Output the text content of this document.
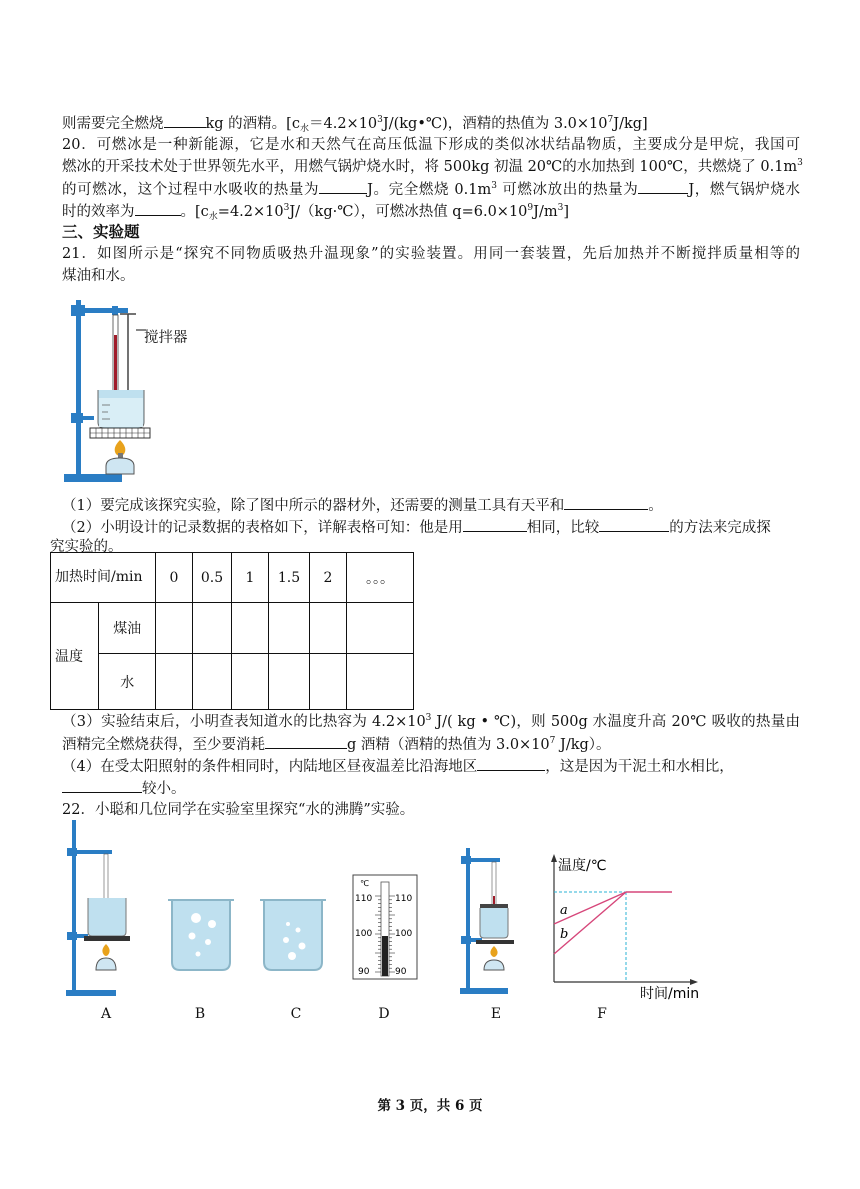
则需要完全燃烧	kg 的酒精。[$c_水=4.2\times 10^3J/(kg•℃)$，酒精的热值为 $3.0\times 10^7J/kg$]
20．可燃冰是一种新能源，它是水和天然气在高压低温下形成的类似冰状结晶物质，主要成分是甲烷，我国可
燃冰的开采技术处于世界领先水平，用燃气锅炉烧水时，将 500kg 初温 20℃的水加热到 100℃，共燃烧了 $0.1m^3$
的可燃冰，这个过程中水吸收的热量为	J。完全燃烧 $0.1m^3$ 可燃冰放出的热量为	J，燃气锅炉烧水
时的效率为	。[$c_水=4.2\times 10^3J/(kg\cdot℃)$，可燃冰热值 $q=6.0\times 10^9J/m^3$]
三、实验题
21．如图所示是“探究不同物质吸热升温现象”的实验装置。用同一套装置，先后加热并不断搅拌质量相等的
煤油和水。
搅拌器
（1）要完成该探究实验，除了图中所示的器材外，还需要的测量工具有天平和	。
（2）小明设计的记录数据的表格如下，详解表格可知：他是用	相同，比较	的方法来完成探
究实验的。
加热时间/min		0	0.5	1	1.5	2	。。。
温度	煤油						
	水						
（3）实验结束后，小明查表知道水的比热容为 $4.2\times 10^3$ J/( kg • ℃)，则 500g 水温度升高 20℃ 吸收的热量由
酒精完全燃烧获得，至少要消耗	g 酒精（酒精的热值为 $3.0\times 10^7$ J/kg）。
（4）在受太阳照射的条件相同时，内陆地区昼夜温差比沿海地区	，这是因为干泥土和水相比，
较小。
22．小聪和几位同学在实验室里探究“水的沸腾”实验。
℃
110	110
100	100
90	90
温度/℃
时间/min
a
b
A	B	C	D	E	F
第 3 页，共 6 页
